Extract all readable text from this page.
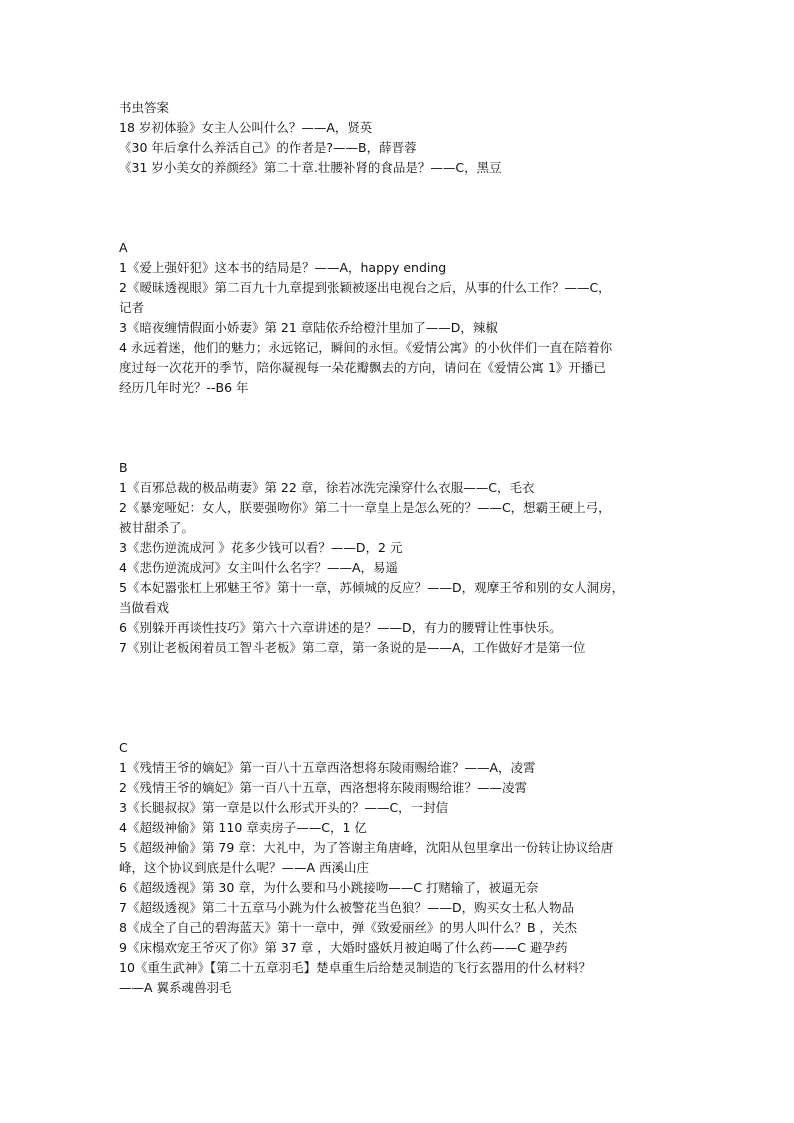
书虫答案
18 岁初体验》女主人公叫什么？——A，贤英
《30 年后拿什么养活自己》的作者是?——B，薛晋蓉
《31 岁小美女的养颜经》第二十章.壮腰补肾的食品是？——C，黑豆
A
1《爱上强奸犯》这本书的结局是？——A，happy ending
2《暧昧透视眼》第二百九十九章提到张颖被逐出电视台之后，从事的什么工作？——C，
记者
3《暗夜缠情假面小娇妻》第 21 章陆依乔给橙汁里加了——D，辣椒
4 永远着迷，他们的魅力；永远铭记，瞬间的永恒。《爱情公寓》的小伙伴们一直在陪着你
度过每一次花开的季节，陪你凝视每一朵花瓣飘去的方向，请问在《爱情公寓 1》开播已
经历几年时光？--B6 年
B
1《百邪总裁的极品萌妻》第 22 章，徐若冰洗完澡穿什么衣服——C，毛衣
2《暴宠哑妃：女人，朕要强吻你》第二十一章皇上是怎么死的？——C，想霸王硬上弓，
被甘甜杀了。
3《悲伤逆流成河 》花多少钱可以看？——D，2 元
4《悲伤逆流成河》女主叫什么名字？——A，易遥
5《本妃嚣张杠上邪魅王爷》第十一章，苏倾城的反应？——D，观摩王爷和别的女人洞房，
当做看戏
6《别躲开再谈性技巧》第六十六章讲述的是？——D，有力的腰臂让性事快乐。
7《别让老板闲着员工智斗老板》第二章，第一条说的是——A，工作做好才是第一位
C
1《残情王爷的嫡妃》第一百八十五章西洛想将东陵雨赐给谁？——A，凌霄
2《残情王爷的嫡妃》第一百八十五章，西洛想将东陵雨赐给谁？——凌霄
3《长腿叔叔》第一章是以什么形式开头的？——C，一封信
4《超级神偷》第 110 章卖房子——C，1 亿
5《超级神偷》第 79 章：大礼中，为了答谢主角唐峰，沈阳从包里拿出一份转让协议给唐
峰，这个协议到底是什么呢？——A 西溪山庄
6《超级透视》第 30 章，为什么要和马小跳接吻——C 打赌输了，被逼无奈
7《超级透视》第二十五章马小跳为什么被警花当色狼？——D，购买女士私人物品
8《成全了自己的碧海蓝天》第十一章中，弹《致爱丽丝》的男人叫什么？B ，关杰
9《床榻欢宠王爷灭了你》第 37 章 ，大婚时盛妖月被迫喝了什么药——C 避孕药
10《重生武神》【第二十五章羽毛】楚卓重生后给楚灵制造的飞行玄器用的什么材料？
——A 翼系魂兽羽毛
